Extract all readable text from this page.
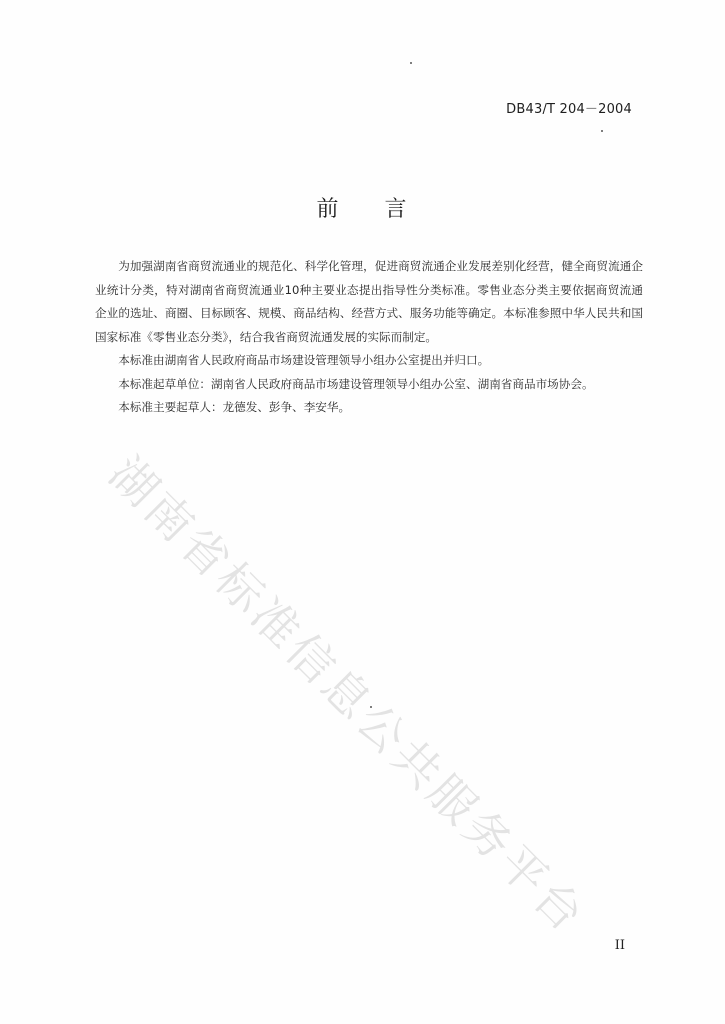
DB43/T 204－2004
前 言

为加强湖南省商贸流通业的规范化、科学化管理，促进商贸流通企业发展差别化经营，健全商贸流通企业统计分类，特对湖南省商贸流通业10种主要业态提出指导性分类标准。零售业态分类主要依据商贸流通企业的选址、商圈、目标顾客、规模、商品结构、经营方式、服务功能等确定。本标准参照中华人民共和国国家标准《零售业态分类》，结合我省商贸流通发展的实际而制定。

本标准由湖南省人民政府商品市场建设管理领导小组办公室提出并归口。

本标准起草单位：湖南省人民政府商品市场建设管理领导小组办公室、湖南省商品市场协会。

本标准主要起草人：龙德发、彭争、李安华。

湖南省标准信息公共服务平台
II
